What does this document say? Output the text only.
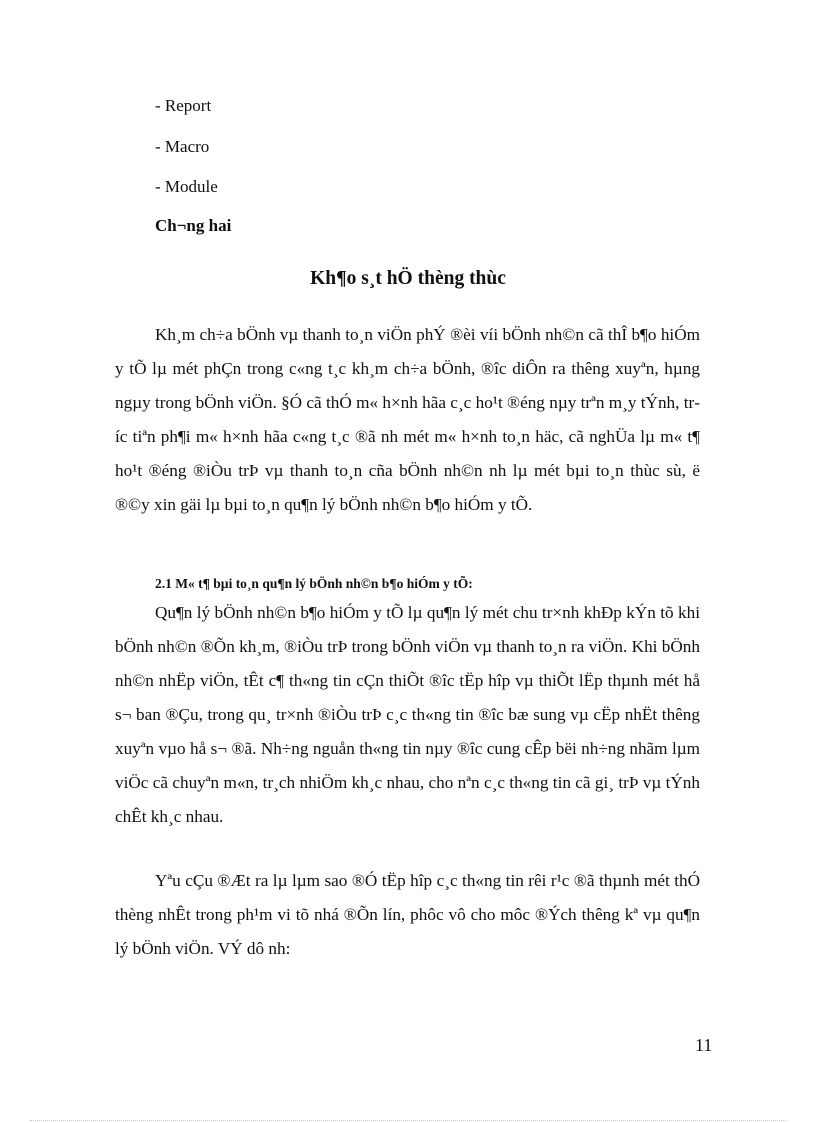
- Report

- Macro

- Module

Ch¬ng hai

Kh¶o s¸t hÖ thèng thùc

Kh¸m ch÷a bÖnh vµ thanh to¸n viÖn phÝ ®èi víi bÖnh nh©n cã thÎ b¶o hiÓm y tÕ lµ mét phÇn trong c«ng t¸c kh¸m ch÷a bÖnh, ®îc diÔn ra thêng xuyªn, hµng ngµy trong bÖnh viÖn. §Ó cã thÓ m« h×nh hãa c¸c ho¹t ®éng nµy trªn m¸y tÝnh, tríc tiªn ph¶i m« h×nh hãa c«ng t¸c ®ã nh mét m« h×nh to¸n häc, cã nghÜa lµ m« t¶ ho¹t ®éng ®iÒu trÞ vµ thanh to¸n cña bÖnh nh©n nh lµ mét bµi to¸n thùc sù, ë ®©y xin gäi lµ bµi to¸n qu¶n lý bÖnh nh©n b¶o hiÓm y tÕ.

2.1 M« t¶ bµi to¸n qu¶n lý bÖnh nh©n b¶o hiÓm y tÕ:

Qu¶n lý bÖnh nh©n b¶o hiÓm y tÕ lµ qu¶n lý mét chu tr×nh khÐp kÝn tõ khi bÖnh nh©n ®Õn kh¸m, ®iÒu trÞ trong bÖnh viÖn vµ thanh to¸n ra viÖn. Khi bÖnh nh©n nhËp viÖn, tÊt c¶ th«ng tin cÇn thiÕt ®îc tËp hîp vµ thiÕt lËp thµnh mét hå s¬ ban ®Çu, trong qu¸ tr×nh ®iÒu trÞ c¸c th«ng tin ®îc bæ sung vµ cËp nhËt thêng xuyªn vµo hå s¬ ®ã. Nh÷ng nguån th«ng tin nµy ®îc cung cÊp bëi nh÷ng nhãm lµm viÖc cã chuyªn m«n, tr¸ch nhiÖm kh¸c nhau, cho nªn c¸c th«ng tin cã gi¸ trÞ vµ tÝnh chÊt kh¸c nhau.

Yªu cÇu ®Æt ra lµ lµm sao ®Ó tËp hîp c¸c th«ng tin rêi r¹c ®ã thµnh mét thÓ thèng nhÊt trong ph¹m vi tõ nhá ®Õn lín, phôc vô cho môc ®Ých thêng kª vµ qu¶n lý bÖnh viÖn. VÝ dô nh:

11
